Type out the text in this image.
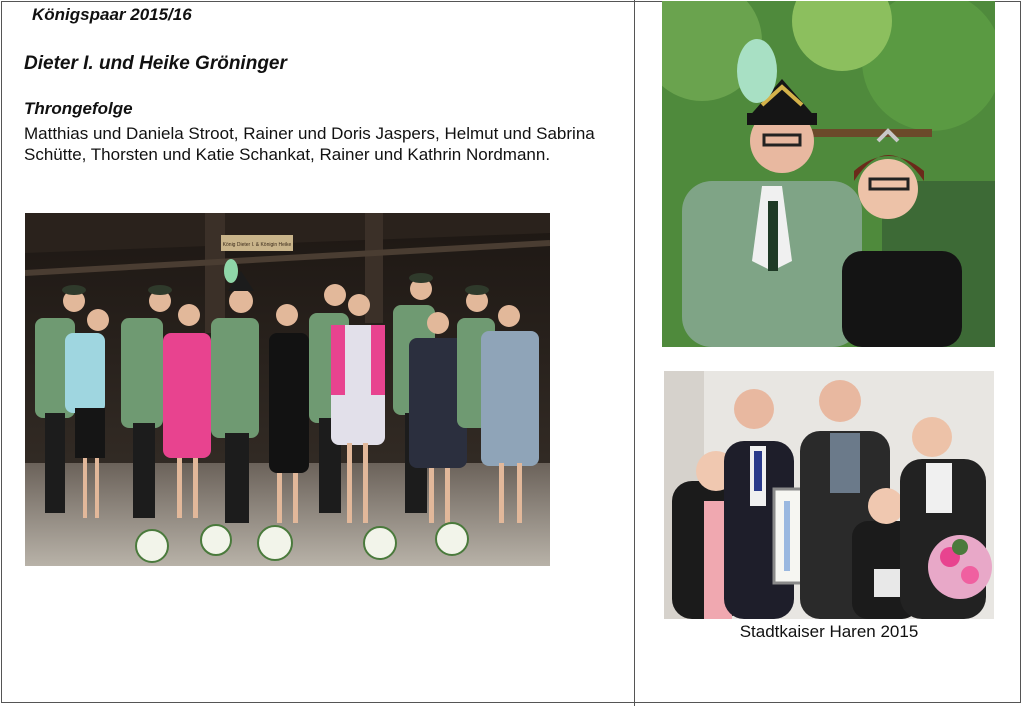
Königspaar 2015/16
Dieter I. und Heike Gröninger
Throngefolge
Matthias und Daniela Stroot, Rainer und Doris Jaspers, Helmut und Sabrina Schütte, Thorsten und Katie Schankat, Rainer und Kathrin Nordmann.
König Dieter I. & Königin Heike
Stadtkaiser Haren 2015
